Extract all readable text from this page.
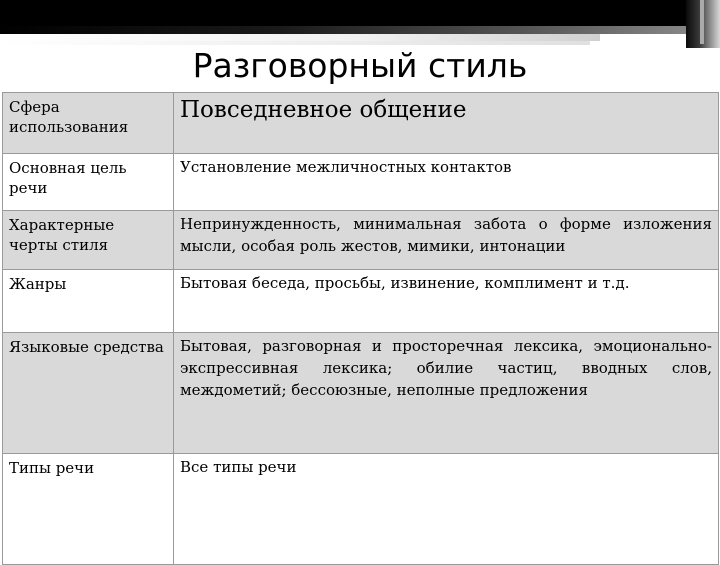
Разговорный стиль
Сфера использования	Повседневное общение
Основная цель речи	Установление межличностных контактов
Характерные черты стиля	Непринужденность, минимальная забота о форме изложения мысли, особая роль жестов, мимики, интонации
Жанры	Бытовая беседа, просьбы, извинение, комплимент и т.д.
Языковые средства	Бытовая, разговорная и просторечная лексика, эмоционально-экспрессивная лексика; обилие частиц, вводных слов, междометий; бессоюзные, неполные предложения
Типы речи	Все типы речи
